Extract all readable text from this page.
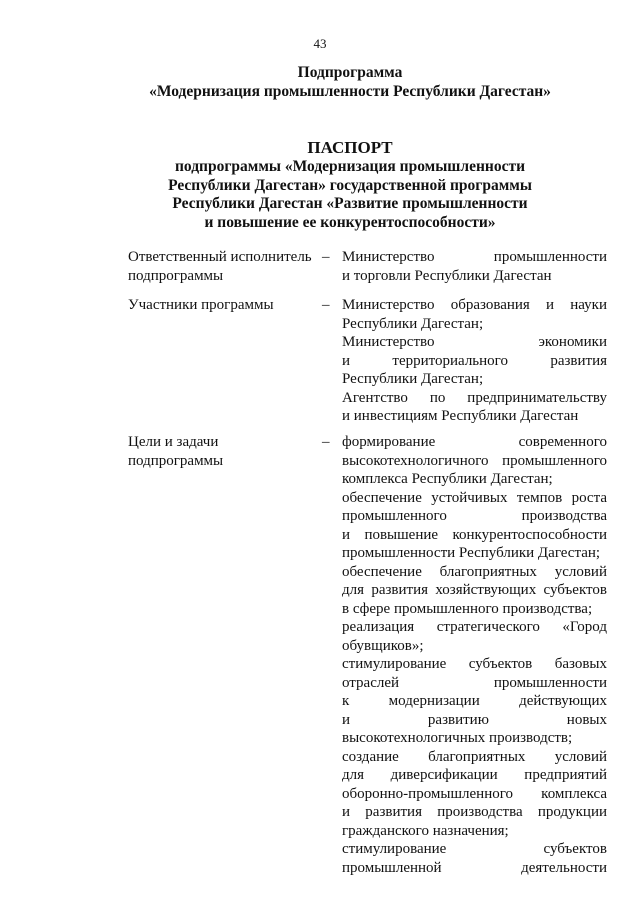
43
Подпрограмма
«Модернизация промышленности Республики Дагестан»
ПАСПОРТ
подпрограммы «Модернизация промышленности
Республики Дагестан» государственной программы
Республики Дагестан «Развитие промышленности
и повышение ее конкурентоспособности»
Ответственный исполнитель
подпрограммы
– Министерство промышленности
и торговли Республики Дагестан
Участники программы	– Министерство образования и науки
Республики Дагестан;
Министерство экономики
и территориального развития
Республики Дагестан;
Агентство по предпринимательству
и инвестициям Республики Дагестан
Цели и задачи
подпрограммы
– формирование современного
высокотехнологичного промышленного
комплекса Республики Дагестан;
обеспечение устойчивых темпов роста
промышленного производства
и повышение конкурентоспособности
промышленности Республики Дагестан;
обеспечение благоприятных условий
для развития хозяйствующих субъектов
в сфере промышленного производства;
реализация стратегического «Город
обувщиков»;
стимулирование субъектов базовых
отраслей промышленности
к модернизации действующих
и развитию новых
высокотехнологичных производств;
создание благоприятных условий
для диверсификации предприятий
оборонно-промышленного комплекса
и развития производства продукции
гражданского назначения;
стимулирование субъектов
промышленной деятельности
